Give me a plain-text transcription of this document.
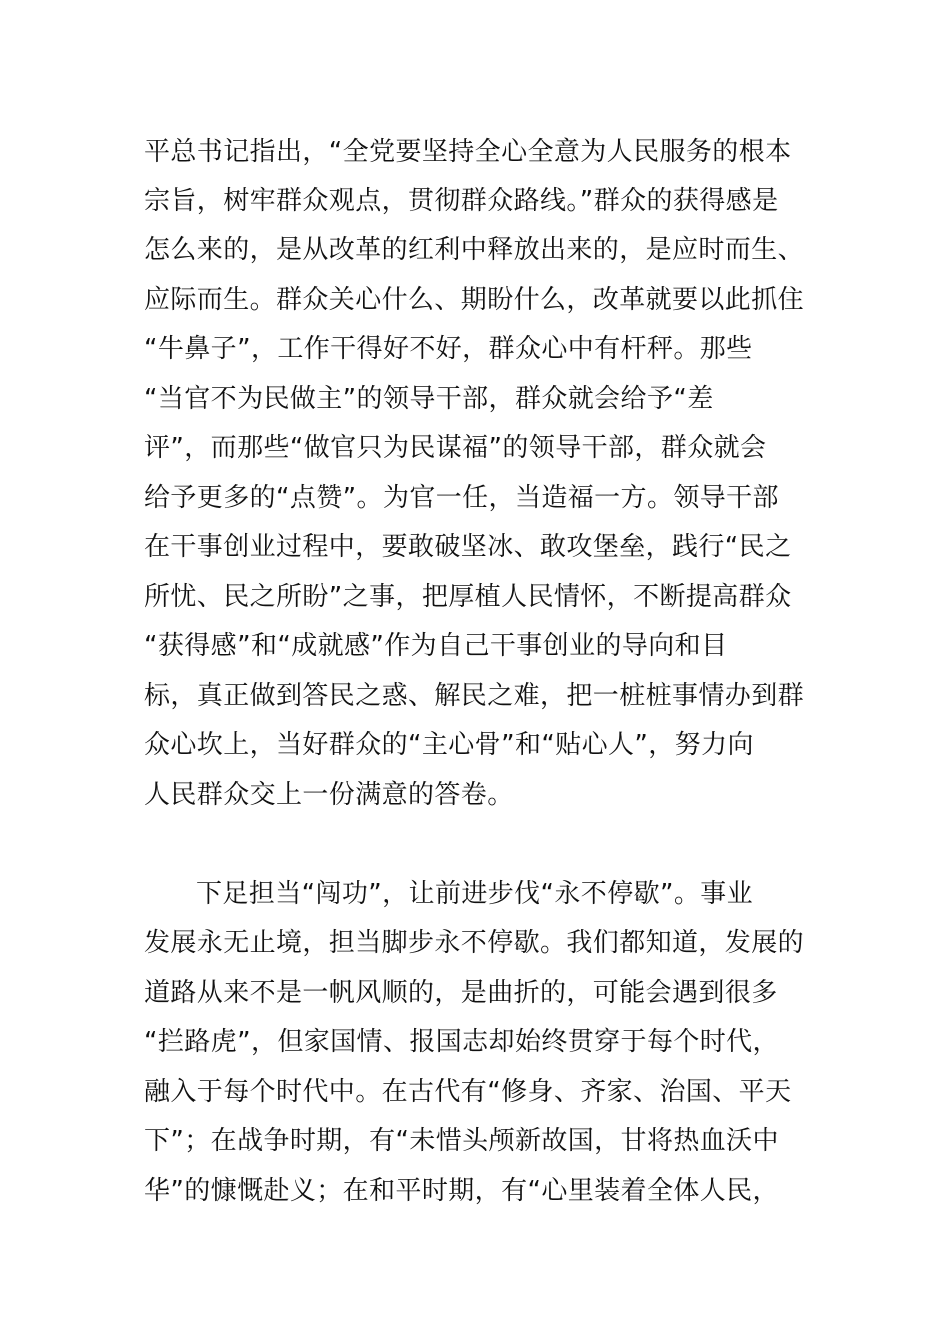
平总书记指出，“全党要坚持全心全意为人民服务的根本
宗旨，树牢群众观点，贯彻群众路线。”群众的获得感是
怎么来的，是从改革的红利中释放出来的，是应时而生、
应际而生。群众关心什么、期盼什么，改革就要以此抓住
“牛鼻子”，工作干得好不好，群众心中有杆秤。那些
“当官不为民做主”的领导干部，群众就会给予“差
评”，而那些“做官只为民谋福”的领导干部，群众就会
给予更多的“点赞”。为官一任，当造福一方。领导干部
在干事创业过程中，要敢破坚冰、敢攻堡垒，践行“民之
所忧、民之所盼”之事，把厚植人民情怀，不断提高群众
“获得感”和“成就感”作为自己干事创业的导向和目
标，真正做到答民之惑、解民之难，把一桩桩事情办到群
众心坎上，当好群众的“主心骨”和“贴心人”，努力向
人民群众交上一份满意的答卷。
下足担当“闯功”，让前进步伐“永不停歇”。事业
发展永无止境，担当脚步永不停歇。我们都知道，发展的
道路从来不是一帆风顺的，是曲折的，可能会遇到很多
“拦路虎”，但家国情、报国志却始终贯穿于每个时代，
融入于每个时代中。在古代有“修身、齐家、治国、平天
下”；在战争时期，有“未惜头颅新故国，甘将热血沃中
华”的慷慨赴义；在和平时期，有“心里装着全体人民，
